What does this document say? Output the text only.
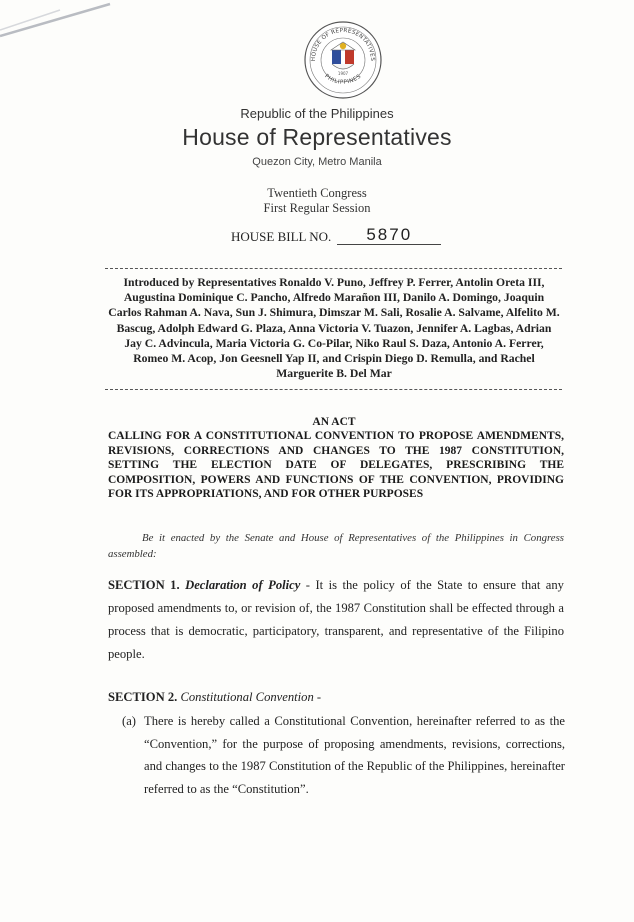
HOUSE OF REPRESENTATIVES
PHILIPPINES
1907
Republic of the Philippines
House of Representatives
Quezon City, Metro Manila
Twentieth Congress
First Regular Session
HOUSE BILL NO.	5870
Introduced by Representatives Ronaldo V. Puno, Jeffrey P. Ferrer, Antolin Oreta III, Augustina Dominique C. Pancho, Alfredo Marañon III, Danilo A. Domingo, Joaquin Carlos Rahman A. Nava, Sun J. Shimura, Dimszar M. Sali, Rosalie A. Salvame, Alfelito M. Bascug, Adolph Edward G. Plaza, Anna Victoria V. Tuazon, Jennifer A. Lagbas, Adrian Jay C. Advincula, Maria Victoria G. Co-Pilar, Niko Raul S. Daza, Antonio A. Ferrer, Romeo M. Acop, Jon Geesnell Yap II, and Crispin Diego D. Remulla, and Rachel Marguerite B. Del Mar
AN ACT
CALLING FOR A CONSTITUTIONAL CONVENTION TO PROPOSE AMENDMENTS, REVISIONS, CORRECTIONS AND CHANGES TO THE 1987 CONSTITUTION, SETTING THE ELECTION DATE OF DELEGATES, PRESCRIBING THE COMPOSITION, POWERS AND FUNCTIONS OF THE CONVENTION, PROVIDING FOR ITS APPROPRIATIONS, AND FOR OTHER PURPOSES
Be it enacted by the Senate and House of Representatives of the Philippines in Congress assembled:
SECTION 1. Declaration of Policy - It is the policy of the State to ensure that any proposed amendments to, or revision of, the 1987 Constitution shall be effected through a process that is democratic, participatory, transparent, and representative of the Filipino people.
SECTION 2. Constitutional Convention -
(a) There is hereby called a Constitutional Convention, hereinafter referred to as the “Convention,” for the purpose of proposing amendments, revisions, corrections, and changes to the 1987 Constitution of the Republic of the Philippines, hereinafter referred to as the “Constitution”.
